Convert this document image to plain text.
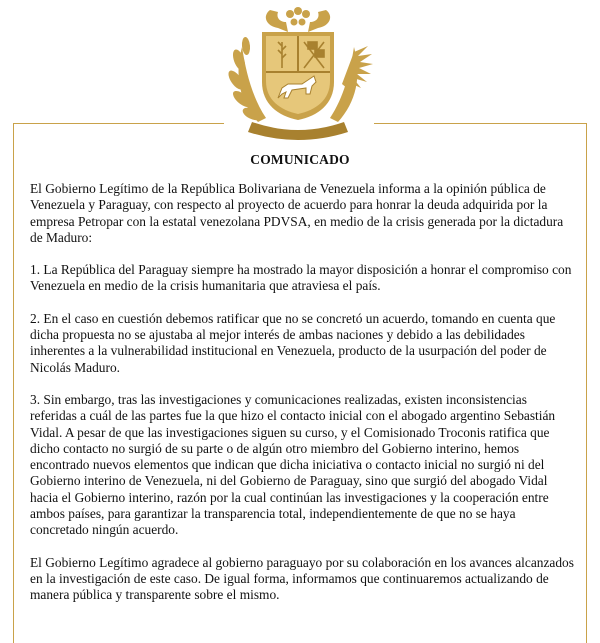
COMUNICADO

El Gobierno Legítimo de la República Bolivariana de Venezuela informa a la opinión pública de Venezuela y Paraguay, con respecto al proyecto de acuerdo para honrar la deuda adquirida por la empresa Petropar con la estatal venezolana PDVSA, en medio de la crisis generada por la dictadura de Maduro:

1. La República del Paraguay siempre ha mostrado la mayor disposición a honrar el compromiso con Venezuela en medio de la crisis humanitaria que atraviesa el país.

2. En el caso en cuestión debemos ratificar que no se concretó un acuerdo, tomando en cuenta que dicha propuesta no se ajustaba al mejor interés de ambas naciones y debido a las debilidades inherentes a la vulnerabilidad institucional en Venezuela, producto de la usurpación del poder de Nicolás Maduro.

3. Sin embargo, tras las investigaciones y comunicaciones realizadas, existen inconsistencias referidas a cuál de las partes fue la que hizo el contacto inicial con el abogado argentino Sebastián Vidal. A pesar de que las investigaciones siguen su curso, y el Comisionado Troconis ratifica que dicho contacto no surgió de su parte o de algún otro miembro del Gobierno interino, hemos encontrado nuevos elementos que indican que dicha iniciativa o contacto inicial no surgió ni del Gobierno interino de Venezuela, ni del Gobierno de Paraguay, sino que surgió del abogado Vidal hacia el Gobierno interino, razón por la cual continúan las investigaciones y la cooperación entre ambos países, para garantizar la transparencia total, independientemente de que no se haya concretado ningún acuerdo.

El Gobierno Legítimo agradece al gobierno paraguayo por su colaboración en los avances alcanzados en la investigación de este caso. De igual forma, informamos que continuaremos actualizando de manera pública y transparente sobre el mismo.
